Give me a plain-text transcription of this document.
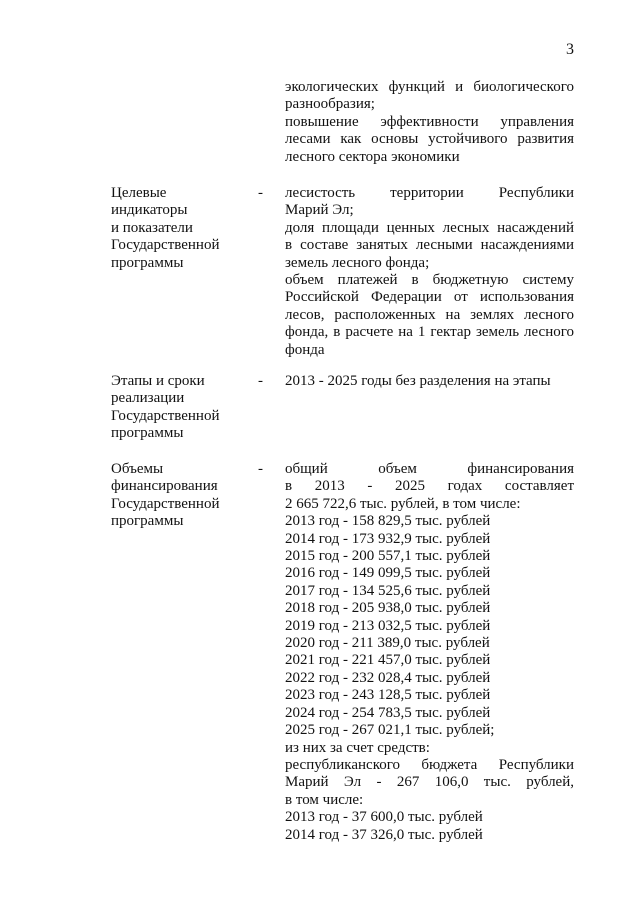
3
экологических функций и биологического
разнообразия;
повышение эффективности управления
лесами как основы устойчивого развития
лесного сектора экономики
Целевые
индикаторы
и показатели
Государственной
программы
- лесистость территории Республики
Марий Эл;
доля площади ценных лесных насаждений
в составе занятых лесными насаждениями
земель лесного фонда;
объем платежей в бюджетную систему
Российской Федерации от использования
лесов, расположенных на землях лесного
фонда, в расчете на 1 гектар земель лесного
фонда
Этапы и сроки
реализации
Государственной
программы
- 2013 - 2025 годы без разделения на этапы
Объемы
финансирования
Государственной
программы
- общий объем финансирования
в 2013 - 2025 годах составляет
2 665 722,6 тыс. рублей, в том числе:
2013 год - 158 829,5 тыс. рублей
2014 год - 173 932,9 тыс. рублей
2015 год - 200 557,1 тыс. рублей
2016 год - 149 099,5 тыс. рублей
2017 год - 134 525,6 тыс. рублей
2018 год - 205 938,0 тыс. рублей
2019 год - 213 032,5 тыс. рублей
2020 год - 211 389,0 тыс. рублей
2021 год - 221 457,0 тыс. рублей
2022 год - 232 028,4 тыс. рублей
2023 год - 243 128,5 тыс. рублей
2024 год - 254 783,5 тыс. рублей
2025 год - 267 021,1 тыс. рублей;
из них за счет средств:
республиканского бюджета Республики
Марий Эл - 267 106,0 тыс. рублей,
в том числе:
2013 год - 37 600,0 тыс. рублей
2014 год - 37 326,0 тыс. рублей
